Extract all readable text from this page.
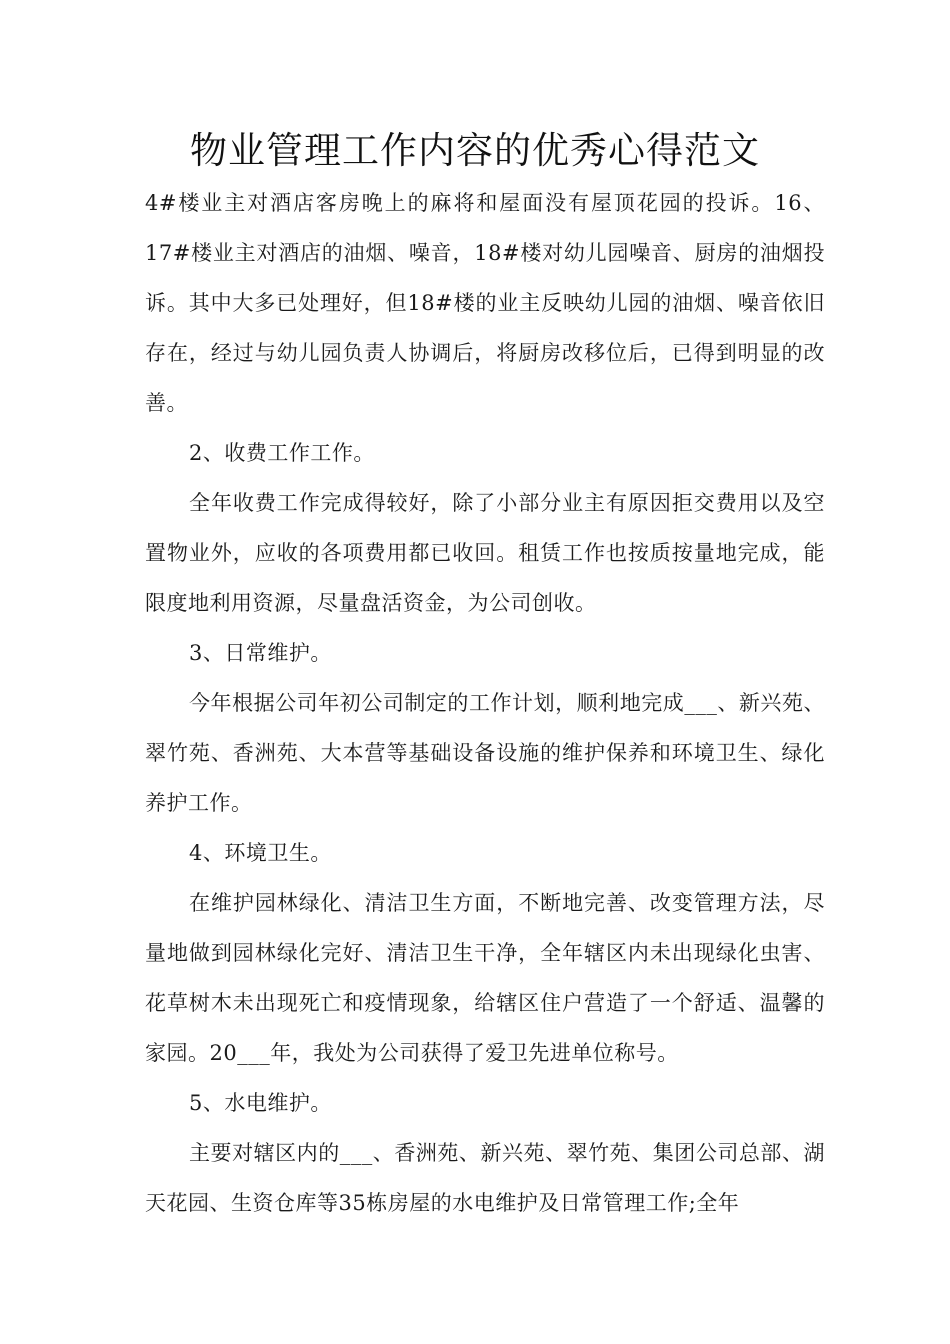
物业管理工作内容的优秀心得范文

4#楼业主对酒店客房晚上的麻将和屋面没有屋顶花园的投诉。16、17#楼业主对酒店的油烟、噪音，18#楼对幼儿园噪音、厨房的油烟投诉。其中大多已处理好，但18#楼的业主反映幼儿园的油烟、噪音依旧存在，经过与幼儿园负责人协调后，将厨房改移位后，已得到明显的改善。

2、收费工作工作。

全年收费工作完成得较好，除了小部分业主有原因拒交费用以及空置物业外，应收的各项费用都已收回。租赁工作也按质按量地完成，能限度地利用资源，尽量盘活资金，为公司创收。

3、日常维护。

今年根据公司年初公司制定的工作计划，顺利地完成___、新兴苑、翠竹苑、香洲苑、大本营等基础设备设施的维护保养和环境卫生、绿化养护工作。

4、环境卫生。

在维护园林绿化、清洁卫生方面，不断地完善、改变管理方法，尽量地做到园林绿化完好、清洁卫生干净，全年辖区内未出现绿化虫害、花草树木未出现死亡和疫情现象，给辖区住户营造了一个舒适、温馨的家园。20___年，我处为公司获得了爱卫先进单位称号。

5、水电维护。

主要对辖区内的___、香洲苑、新兴苑、翠竹苑、集团公司总部、湖天花园、生资仓库等35栋房屋的水电维护及日常管理工作;全年
